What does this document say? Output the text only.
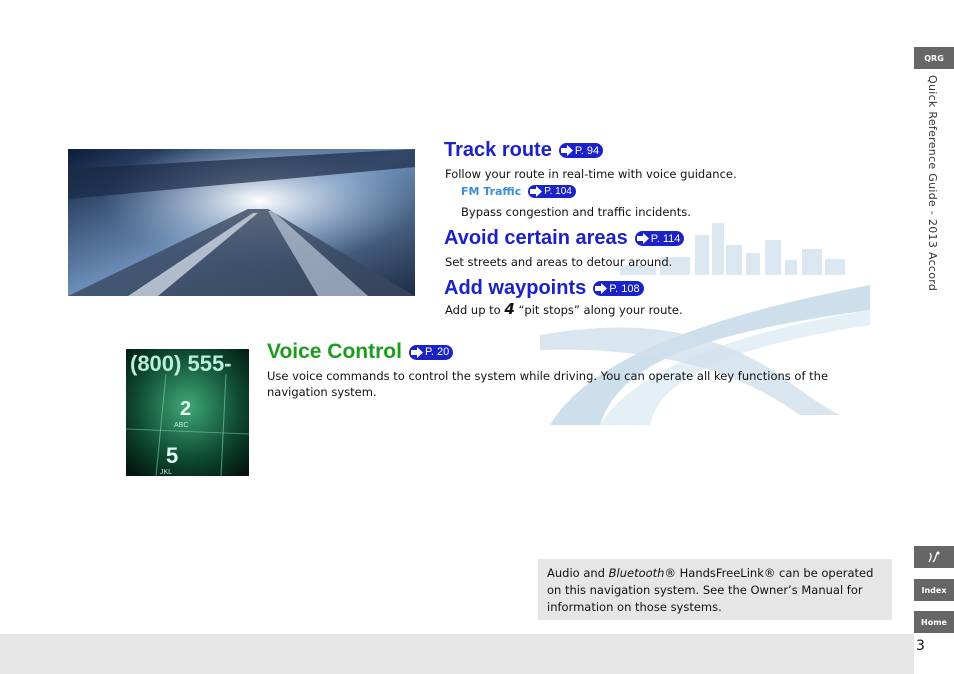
(800) 555-
2
ABC
5
JKL
Track route P. 94
Follow your route in real-time with voice guidance.
FM Traffic P. 104
Bypass congestion and traffic incidents.
Avoid certain areas P. 114
Set streets and areas to detour around.
Add waypoints P. 108
Add up to 4 “pit stops” along your route.
Voice Control P. 20
Use voice commands to control the system while driving. You can operate all key functions of the navigation system.
Audio and Bluetooth® HandsFreeLink® can be operated on this navigation system. See the Owner’s Manual for information on those systems.
QRG
Quick Reference Guide - 2013 Accord
Index
Home
3
